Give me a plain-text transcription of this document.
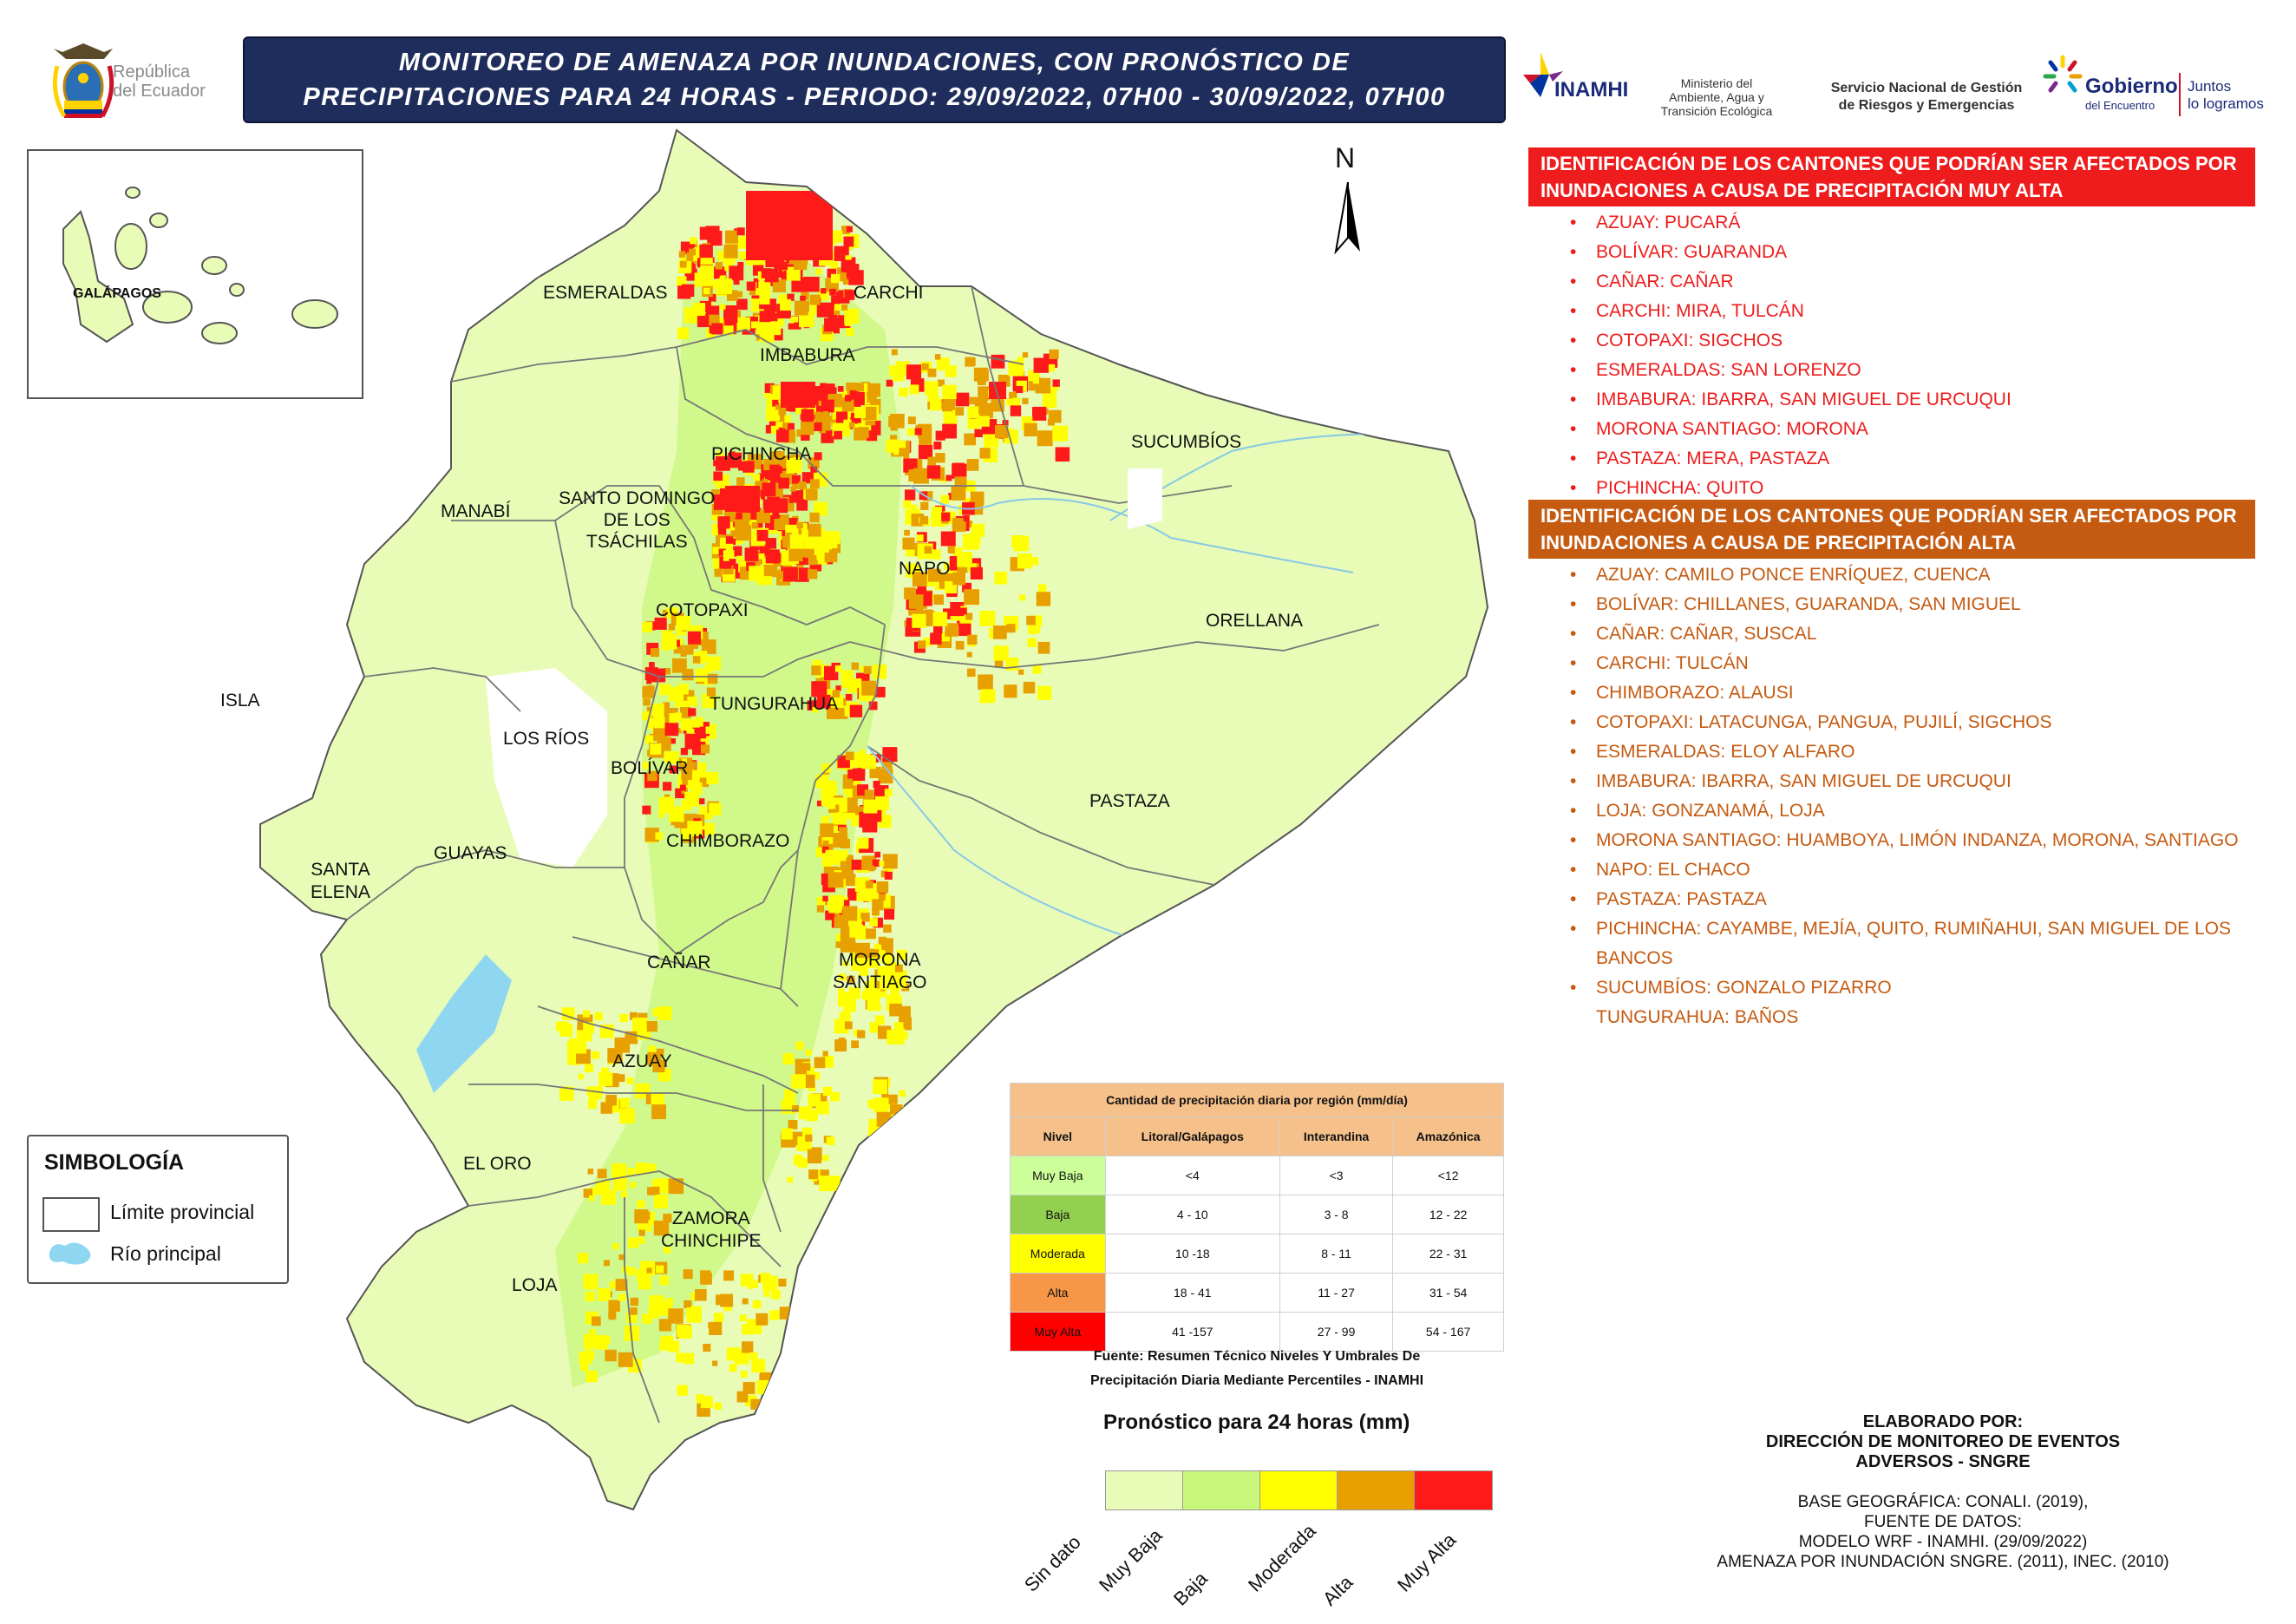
República
del Ecuador
MONITOREO DE AMENAZA POR INUNDACIONES, CON PRONÓSTICO DE
PRECIPITACIONES PARA 24 HORAS - PERIODO: 29/09/2022, 07H00 - 30/09/2022, 07H00	INAMHI	Ministerio del
Ambiente, Agua y
Transición Ecológica
Servicio Nacional de Gestión
de Riesgos y Emergencias
Gobierno
del Encuentro
Juntos
lo logramos
N
ESMERALDAS	CARCHI
IMBABURA
SUCUMBÍOS
PICHINCHA
MANABÍ
SANTO DOMINGO
DE LOS
TSÁCHILAS
NAPO
COTOPAXI
ORELLANA
ISLA	TUNGURAHUA
LOS RÍOS
BOLÍVAR
PASTAZA
CHIMBORAZO
SANTA
ELENA
GUAYAS
CAÑAR	MORONA
SANTIAGO
AZUAY
EL ORO
ZAMORA
CHINCHIPE
LOJA
GALÁPAGOS
SIMBOLOGÍA
Límite provincial
Río principal
IDENTIFICACIÓN DE LOS CANTONES QUE PODRÍAN SER AFECTADOS POR
INUNDACIONES A CAUSA DE PRECIPITACIÓN MUY ALTA
• AZUAY: PUCARÁ
• BOLÍVAR: GUARANDA
• CAÑAR: CAÑAR
• CARCHI: MIRA, TULCÁN
• COTOPAXI: SIGCHOS
• ESMERALDAS: SAN LORENZO
• IMBABURA: IBARRA, SAN MIGUEL DE URCUQUI
• MORONA SANTIAGO: MORONA
• PASTAZA: MERA, PASTAZA
• PICHINCHA: QUITO
IDENTIFICACIÓN DE LOS CANTONES QUE PODRÍAN SER AFECTADOS POR
INUNDACIONES A CAUSA DE PRECIPITACIÓN ALTA
• AZUAY: CAMILO PONCE ENRÍQUEZ, CUENCA
• BOLÍVAR: CHILLANES, GUARANDA, SAN MIGUEL
• CAÑAR: CAÑAR, SUSCAL
• CARCHI: TULCÁN
• CHIMBORAZO: ALAUSI
• COTOPAXI: LATACUNGA, PANGUA, PUJILÍ, SIGCHOS
• ESMERALDAS: ELOY ALFARO
• IMBABURA: IBARRA, SAN MIGUEL DE URCUQUI
• LOJA: GONZANAMÁ, LOJA
• MORONA SANTIAGO: HUAMBOYA, LIMÓN INDANZA, MORONA, SANTIAGO
• NAPO: EL CHACO
• PASTAZA: PASTAZA
• PICHINCHA: CAYAMBE, MEJÍA, QUITO, RUMIÑAHUI, SAN MIGUEL DE LOS
BANCOS
• SUCUMBÍOS: GONZALO PIZARRO
TUNGURAHUA: BAÑOS
Cantidad de precipitación diaria por región (mm/día)			
Nivel	Litoral/Galápagos	Interandina	Amazónica
Muy Baja	<4	<3	<12
Baja	4 - 10	3 - 8	12 - 22
Moderada	10 -18	8 - 11	22 - 31
Alta	18 - 41	11 - 27	31 - 54
Muy Alta	41 -157	27 - 99	54 - 167
Fuente: Resumen Técnico Niveles Y Umbrales De
Precipitación Diaria Mediante Percentiles - INAMHI
Pronóstico para 24 horas (mm)
Sin dato Muy Baja Baja Moderada
Alta Muy Alta
ELABORADO POR:
DIRECCIÓN DE MONITOREO DE EVENTOS
ADVERSOS - SNGRE
BASE GEOGRÁFICA: CONALI. (2019),
FUENTE DE DATOS:
MODELO WRF - INAMHI. (29/09/2022)
AMENAZA POR INUNDACIÓN SNGRE. (2011), INEC. (2010)
